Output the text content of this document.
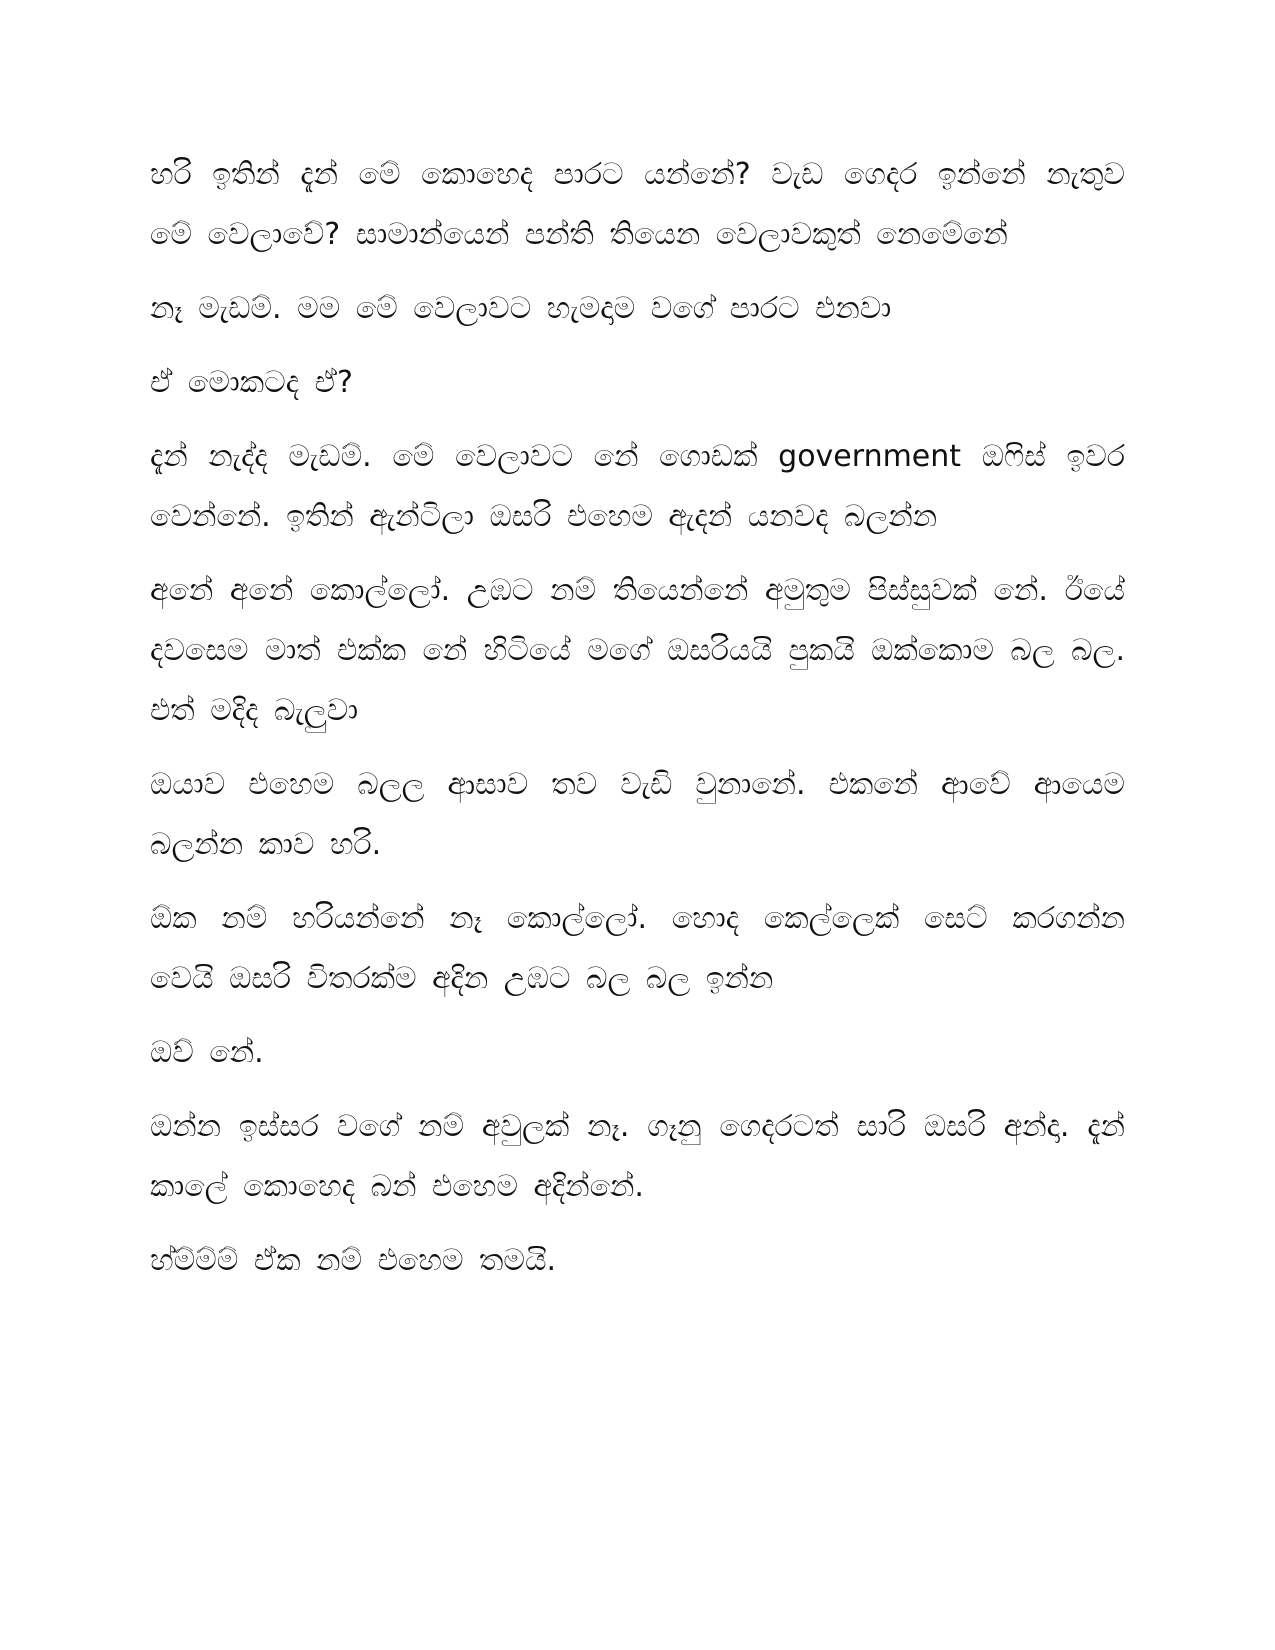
හරි ඉතින් දැන් මේ කොහෙද පාරට යන්නේ? වැඩ ගෙදර ඉන්නේ නැතුව මේ වෙලාවේ? සාමාන්යෙන් පන්ති තියෙන වෙලාවකුත් නෙමේනේ

නෑ මැඩම්. මම මේ වෙලාවට හැමදාම වගේ පාරට එනවා

ඒ මොකටද ඒ?

දැන් නැද්ද මැඩම්. මේ වෙලාවට නේ ගොඩක් government ඔෆිස් ඉවර වෙන්නේ. ඉතින් ඇන්ටිලා ඔසරි එහෙම ඇදන් යනවද බලන්න

අනේ අනේ කොල්ලෝ. උඹට නම් තියෙන්නේ අමුතුම පිස්සුවක් නේ. ඊයේ දවසෙම මාත් එක්ක නේ හිටියේ මගේ ඔසරියයි පුකයි ඔක්කොම බල බල. එත් මදිද බැලුවා

ඔයාව එහෙම බලල ආසාව තව වැඩි වුනානේ. එකනේ ආවේ ආයෙම බලන්න කාව හරි.

ඕක නම් හරියන්නේ නෑ කොල්ලෝ. හොද කෙල්ලෙක් සෙට් කරගන්න වෙයි ඔසරි විතරක්ම අදින උඹට බල බල ඉන්න

ඔව් නේ.

ඔන්න ඉස්සර වගේ නම් අවුලක් නෑ. ගෑනු ගෙදරටත් සාරි ඔසරි අන්දා. දැන් කාලේ කොහෙද බන් එහෙම අදින්නේ.

හ්ම්ම්ම් ඒක නම් එහෙම තමයි.
